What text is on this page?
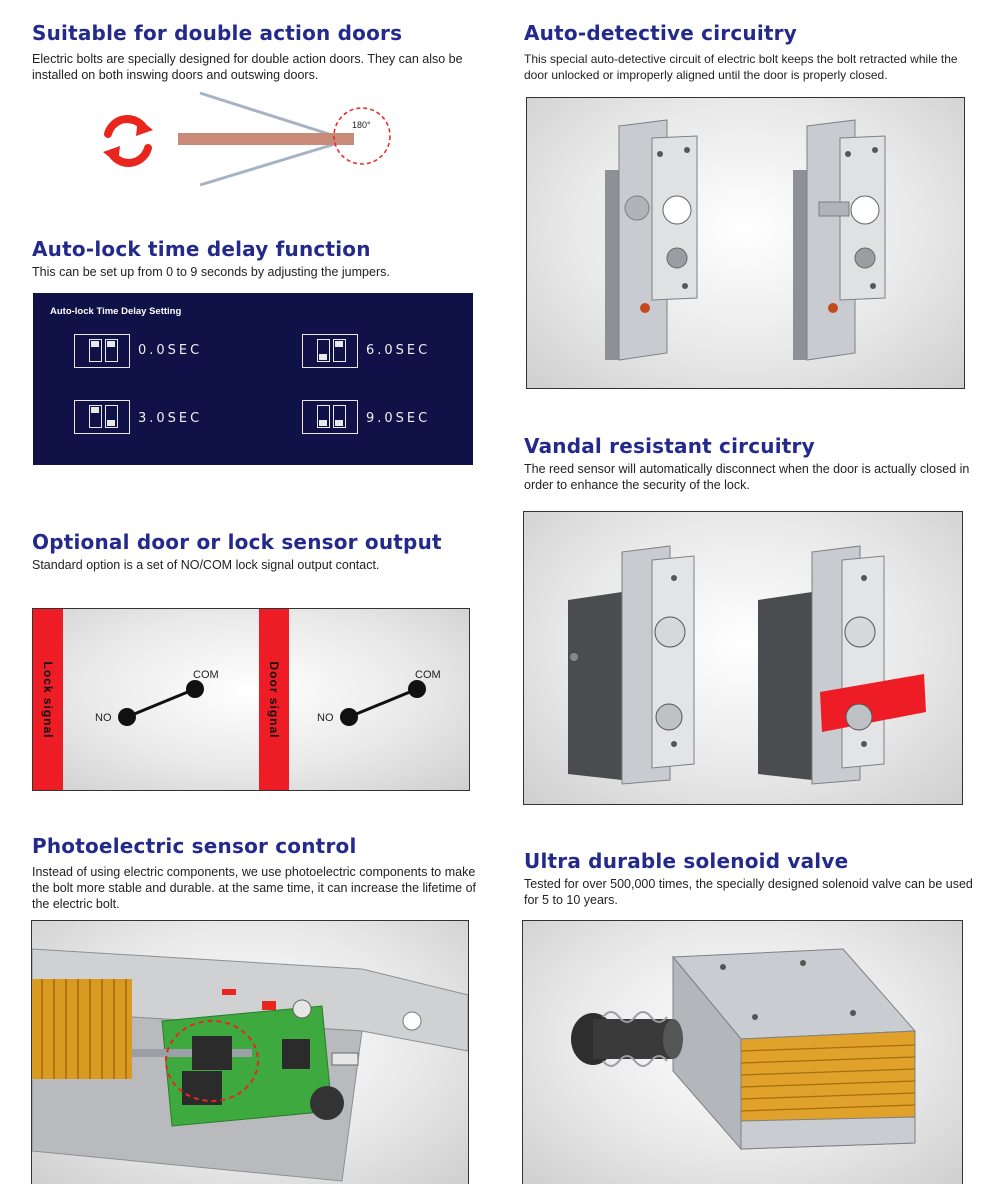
Suitable for double action doors

Electric bolts are specially designed for double action doors. They can also be installed on both inswing doors and outswing doors.

180°
Auto-lock time delay function

This can be set up from 0 to 9 seconds by adjusting the jumpers.

Auto-lock Time Delay Setting
0.0SEC	6.0SEC
3.0SEC	9.0SEC
Optional door or lock sensor output

Standard option is a set of NO/COM lock signal output contact.

Lock signal	Door signal
NO
COM
NO
COM
Photoelectric sensor control

Instead of using electric components, we use photoelectric components to make the bolt more stable and durable. at the same time, it can increase the lifetime of the electric bolt.

Auto-detective circuitry

This special auto-detective circuit of electric bolt keeps the bolt retracted while the door unlocked or improperly aligned until the door is properly closed.

Vandal resistant circuitry

The reed sensor will automatically disconnect when the door is actually closed in order to enhance the security of the lock.

Ultra durable solenoid valve

Tested for over 500,000 times, the specially designed solenoid valve can be used for 5 to 10 years.
